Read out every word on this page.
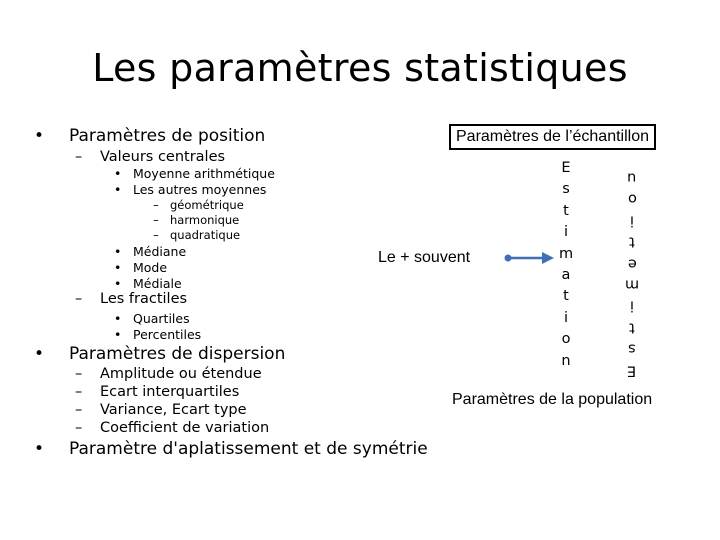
Les paramètres statistiques
• Paramètres de position
– Valeurs centrales
• Moyenne arithmétique
• Les autres moyennes
– géométrique
– harmonique
– quadratique
• Médiane
• Mode
• Médiale
– Les fractiles
• Quartiles
• Percentiles
• Paramètres de dispersion
– Amplitude ou étendue
– Ecart interquartiles
– Variance, Ecart type
– Coefficient de variation
• Paramètre d'aplatissement et de symétrie
Paramètres de l’échantillon
Le + souvent
E
s
t
i
m
a
t
i
o
n
u
o
i
t
e
m
i
t
s
E
Paramètres de la population
